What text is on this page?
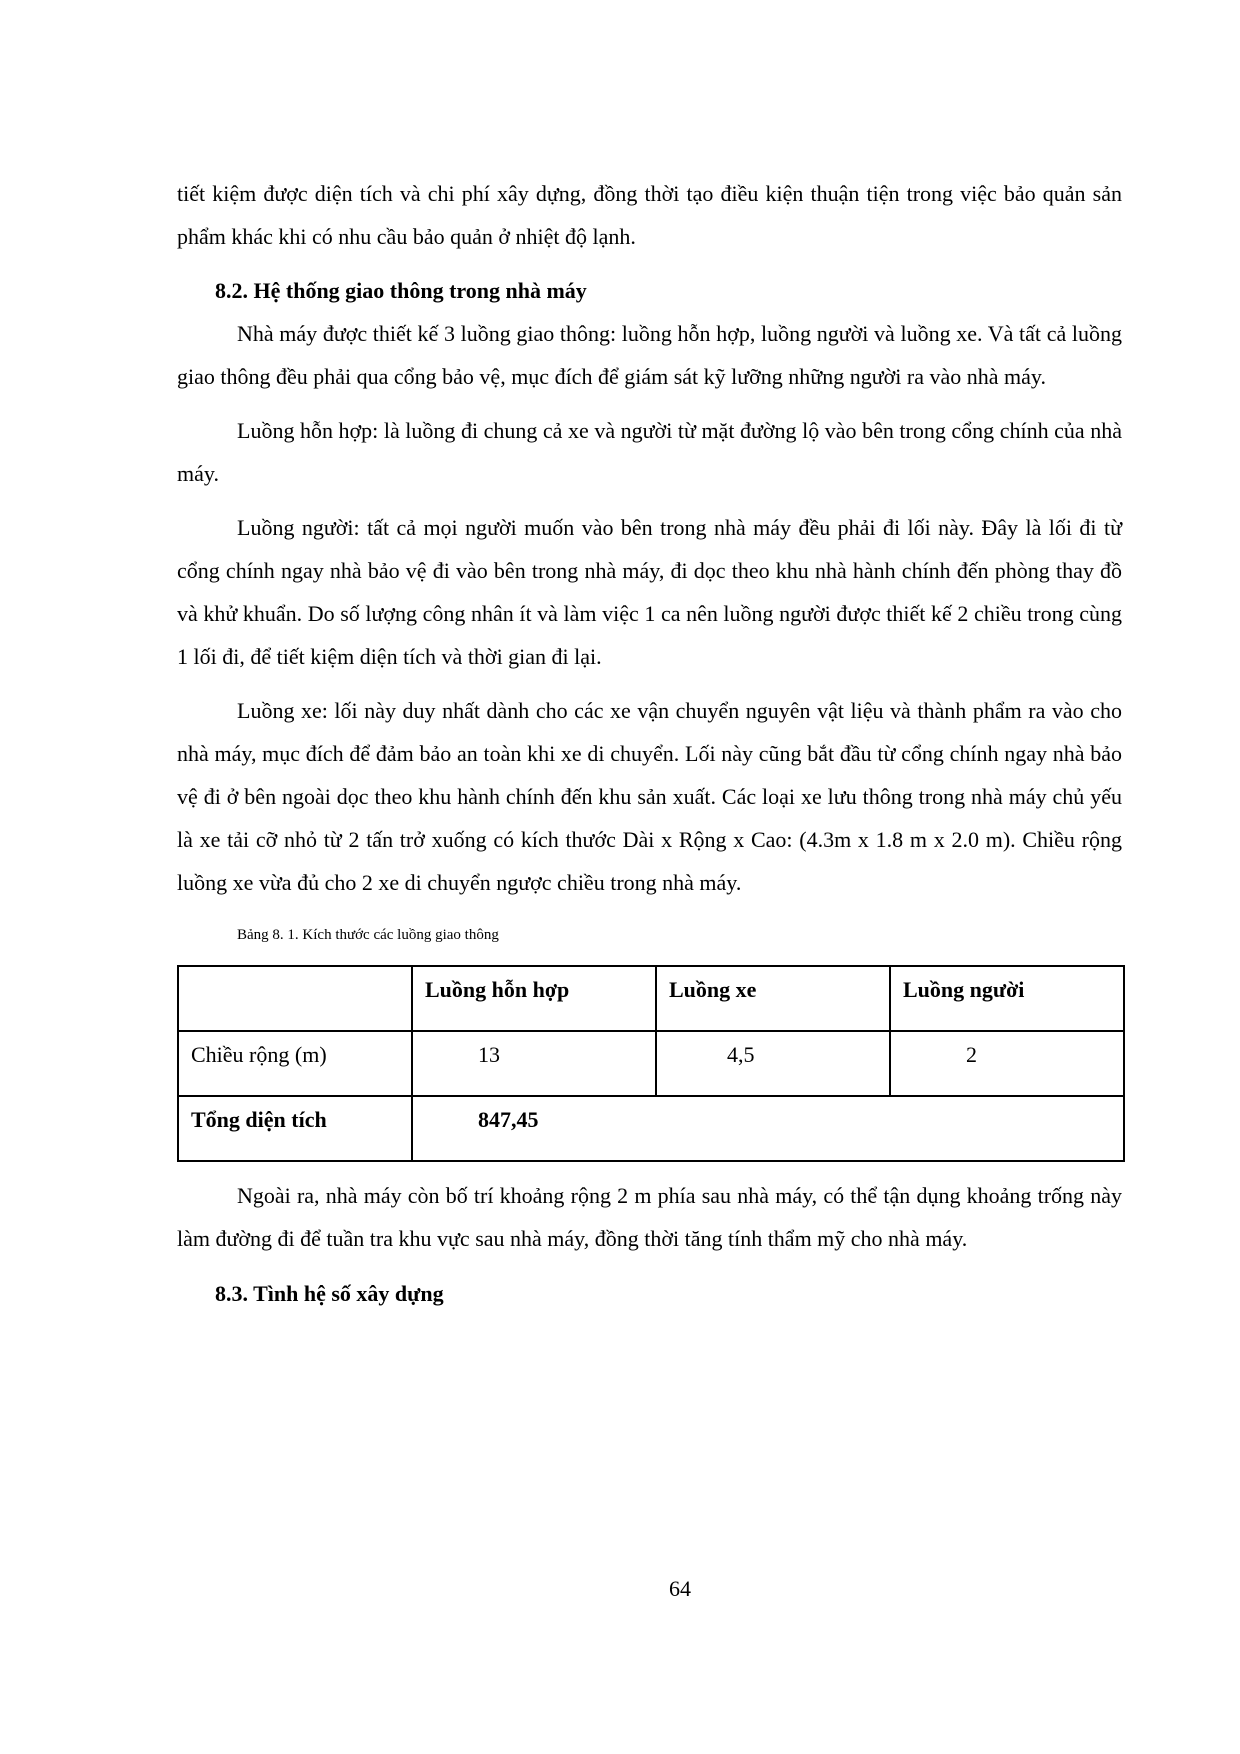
tiết kiệm được diện tích và chi phí xây dựng, đồng thời tạo điều kiện thuận tiện trong việc bảo quản sản phẩm khác khi có nhu cầu bảo quản ở nhiệt độ lạnh.

8.2. Hệ thống giao thông trong nhà máy

Nhà máy được thiết kế 3 luồng giao thông: luồng hỗn hợp, luồng người và luồng xe. Và tất cả luồng giao thông đều phải qua cổng bảo vệ, mục đích để giám sát kỹ lưỡng những người ra vào nhà máy.

Luồng hỗn hợp: là luồng đi chung cả xe và người từ mặt đường lộ vào bên trong cổng chính của nhà máy.

Luồng người: tất cả mọi người muốn vào bên trong nhà máy đều phải đi lối này. Đây là lối đi từ cổng chính ngay nhà bảo vệ đi vào bên trong nhà máy, đi dọc theo khu nhà hành chính đến phòng thay đồ và khử khuẩn. Do số lượng công nhân ít và làm việc 1 ca nên luồng người được thiết kế 2 chiều trong cùng 1 lối đi, để tiết kiệm diện tích và thời gian đi lại.

Luồng xe: lối này duy nhất dành cho các xe vận chuyển nguyên vật liệu và thành phẩm ra vào cho nhà máy, mục đích để đảm bảo an toàn khi xe di chuyển. Lối này cũng bắt đầu từ cổng chính ngay nhà bảo vệ đi ở bên ngoài dọc theo khu hành chính đến khu sản xuất. Các loại xe lưu thông trong nhà máy chủ yếu là xe tải cỡ nhỏ từ 2 tấn trở xuống có kích thước Dài x Rộng x Cao: (4.3m x 1.8 m x 2.0 m). Chiều rộng luồng xe vừa đủ cho 2 xe di chuyển ngược chiều trong nhà máy.

Bảng 8. 1. Kích thước các luồng giao thông
	Luồng hỗn hợp	Luồng xe	Luồng người
Chiều rộng (m)	13	4,5	2
Tổng diện tích	847,45		

Ngoài ra, nhà máy còn bố trí khoảng rộng 2 m phía sau nhà máy, có thể tận dụng khoảng trống này làm đường đi để tuần tra khu vực sau nhà máy, đồng thời tăng tính thẩm mỹ cho nhà máy.

8.3. Tình hệ số xây dựng
64
